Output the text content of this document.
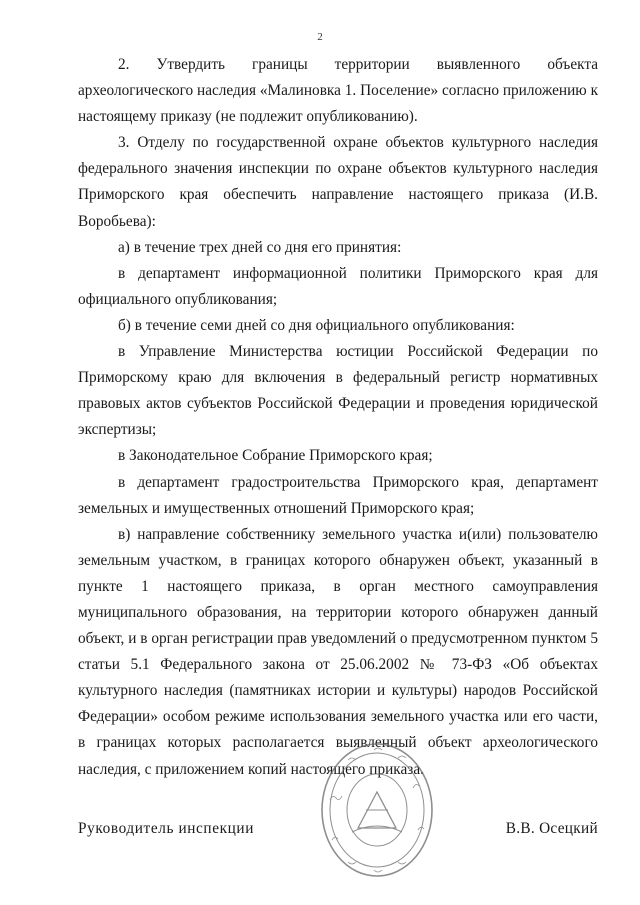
2

2. Утвердить границы территории выявленного объекта археологического наследия «Малиновка 1. Поселение» согласно приложению к настоящему приказу (не подлежит опубликованию).

3. Отделу по государственной охране объектов культурного наследия федерального значения инспекции по охране объектов культурного наследия Приморского края обеспечить направление настоящего приказа (И.В. Воробьева):

а) в течение трех дней со дня его принятия:

в департамент информационной политики Приморского края для официального опубликования;

б) в течение семи дней со дня официального опубликования:

в Управление Министерства юстиции Российской Федерации по Приморскому краю для включения в федеральный регистр нормативных правовых актов субъектов Российской Федерации и проведения юридической экспертизы;

в Законодательное Собрание Приморского края;

в департамент градостроительства Приморского края, департамент земельных и имущественных отношений Приморского края;

в) направление собственнику земельного участка и(или) пользователю земельным участком, в границах которого обнаружен объект, указанный в пункте 1 настоящего приказа, в орган местного самоуправления муниципального образования, на территории которого обнаружен данный объект, и в орган регистрации прав уведомлений о предусмотренном пунктом 5 статьи 5.1 Федерального закона от 25.06.2002 № 73-ФЗ «Об объектах культурного наследия (памятниках истории и культуры) народов Российской Федерации» особом режиме использования земельного участка или его части, в границах которых располагается выявленный объект археологического наследия, с приложением копий настоящего приказа.

Руководитель инспекции	В.В. Осецкий
